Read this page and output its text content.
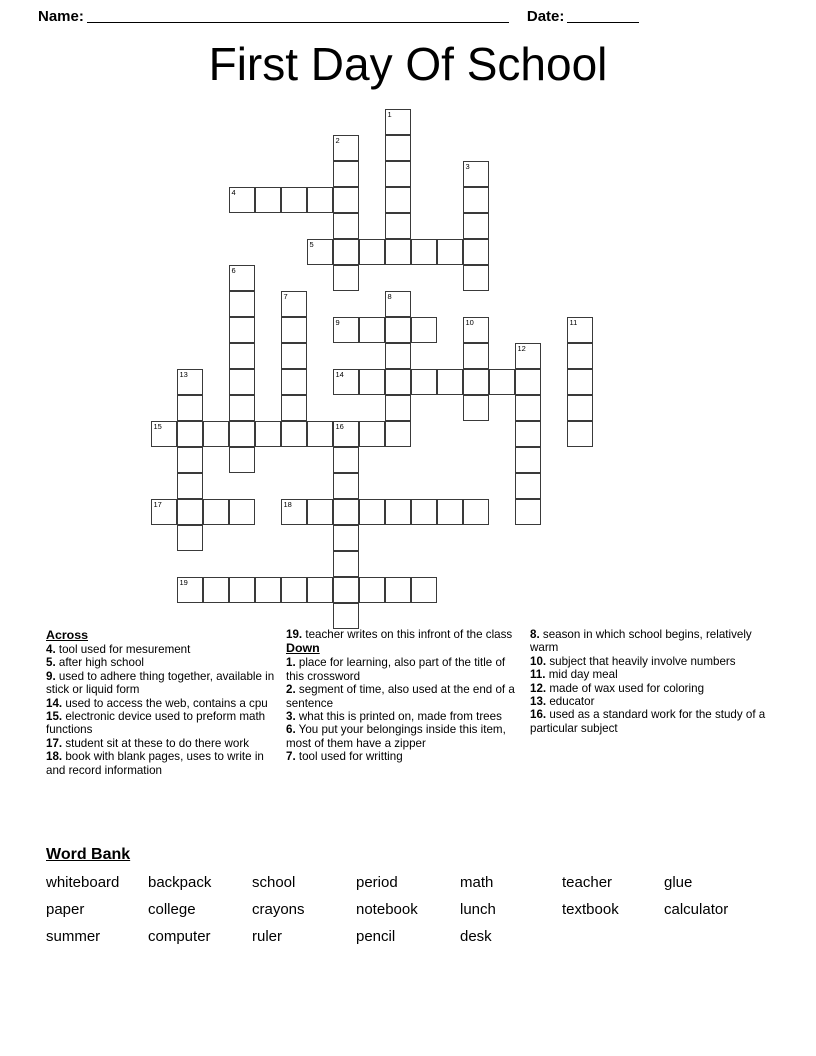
Name:	Date:
First Day Of School
1
2
3
4
5
6
7	8
9	10	11
12
13	14
15	16
17	18
19
Across
4. tool used for mesurement
5. after high school
9. used to adhere thing together, available in stick or liquid form
14. used to access the web, contains a cpu
15. electronic device used to preform math functions
17. student sit at these to do there work
18. book with blank pages, uses to write in and record information
19. teacher writes on this infront of the class
Down
1. place for learning, also part of the title of this crossword
2. segment of time, also used at the end of a sentence
3. what this is printed on, made from trees
6. You put your belongings inside this item, most of them have a zipper
7. tool used for writting
8. season in which school begins, relatively warm
10. subject that heavily involve numbers
11. mid day meal
12. made of wax used for coloring
13. educator
16. used as a standard work for the study of a particular subject
Word Bank
whiteboard backpack	school	period	math	teacher	glue
paper	college	crayons	notebook	lunch	textbook	calculator
summer	computer	ruler	pencil	desk
